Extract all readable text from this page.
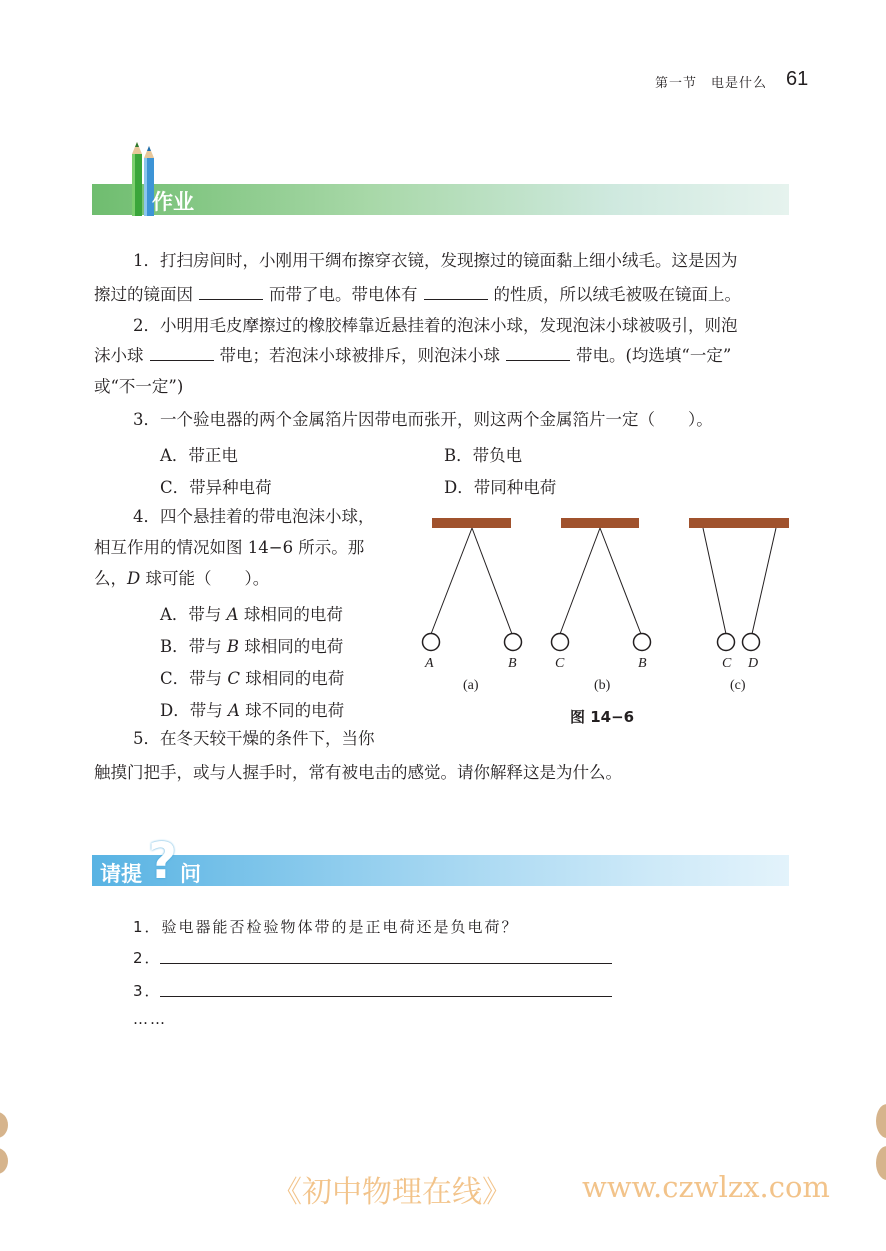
第一节　电是什么 61
作业
1．打扫房间时，小刚用干绸布擦穿衣镜，发现擦过的镜面黏上细小绒毛。这是因为
擦过的镜面因	而带了电。带电体有	的性质，所以绒毛被吸在镜面上。
2．小明用毛皮摩擦过的橡胶棒靠近悬挂着的泡沫小球，发现泡沫小球被吸引，则泡
沫小球	带电；若泡沫小球被排斥，则泡沫小球	带电。(均选填“一定”
或“不一定”)
3．一个验电器的两个金属箔片因带电而张开，则这两个金属箔片一定（　　）。
A．带正电	B．带负电
C．带异种电荷	D．带同种电荷
4．四个悬挂着的带电泡沫小球，
相互作用的情况如图 14−6 所示。那
么，D 球可能（　　）。
A．带与 A 球相同的电荷
B．带与 B 球相同的电荷
C．带与 C 球相同的电荷
D．带与 A 球不同的电荷
A	B	C	B	C D
(a)	(b)	(c)
图 14−6
5．在冬天较干燥的条件下，当你
触摸门把手，或与人握手时，常有被电击的感觉。请你解释这是为什么。
请提 ? 问
1．验电器能否检验物体带的是正电荷还是负电荷？
2．
3．
……
《初中物理在线》 www.czwlzx.com
